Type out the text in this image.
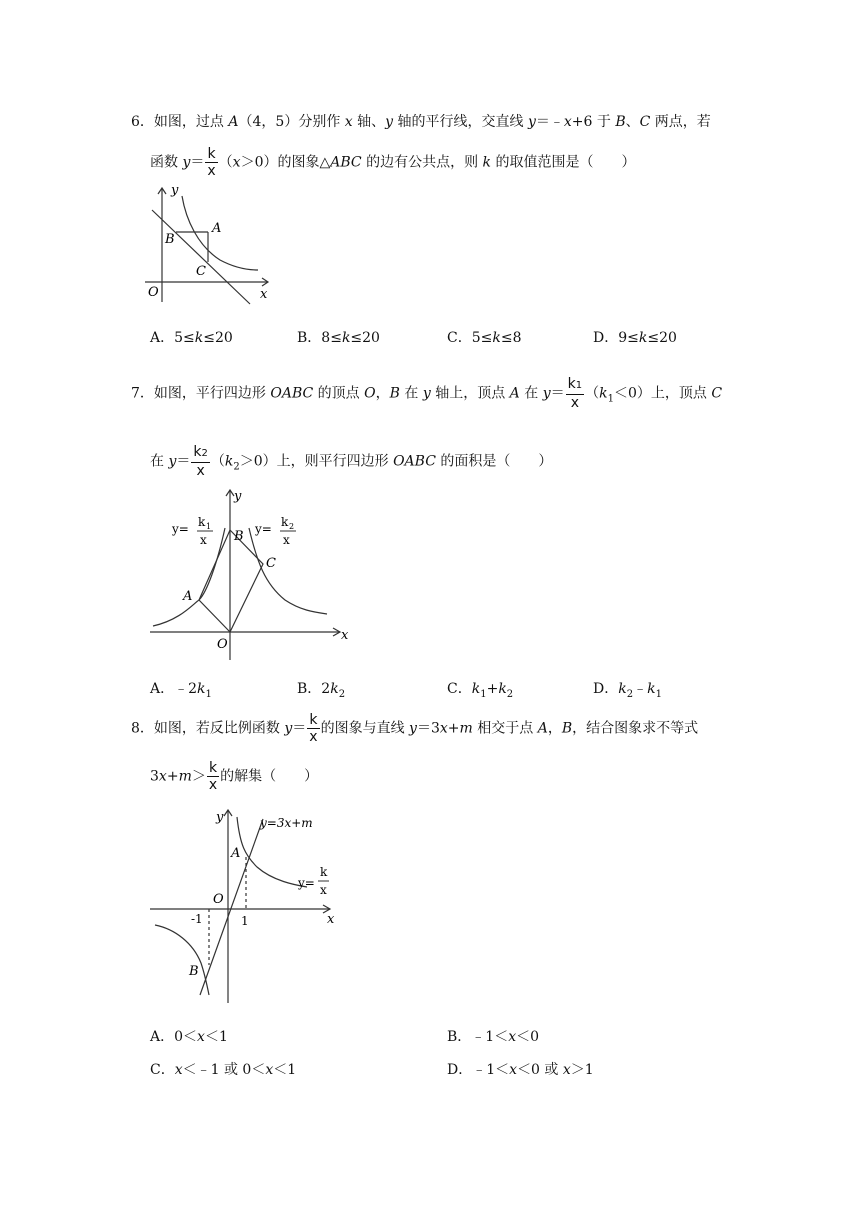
6．如图，过点 A（4，5）分别作 x 轴、y 轴的平行线，交直线 y＝﹣x+6 于 B、C 两点，若
函数 $y= \frac{k}{x} (x>0)$的图象△ABC 的边有公共点，则 k 的取值范围是（　　）
y
x
O
A
B
C
A．5≤k≤20	B．8≤k≤20	C．5≤k≤8	D．9≤k≤20
7．如图，平行四边形 OABC 的顶点 O，B 在 y 轴上，顶点 A 在 $y= \frac{k1}{x} (k_1<0)$上，顶点 C
在 $y= \frac{k2}{x} (k_2>0)$上，则平行四边形 OABC 的面积是（　　）
y
x
O
A
B
C
y= k 1
x
y= k 2
x
A．$﹣2k_1$	B．$2k_2$	C．$k_1+k_2$	D．$k_2﹣k_1$
8．如图，若反比例函数 $y= \frac{k}{x}$ 的图象与直线 y＝3x+m 相交于点 A，B，结合图象求不等式
$3x+m> \frac{k}{x}$ 的解集（　　）
y
x
O
A
B
-1	1
y=3x+m
y=
k
x
A．0＜x＜1	B．﹣1＜x＜0
C．x＜﹣1 或 0＜x＜1	D．﹣1＜x＜0 或 x＞1
